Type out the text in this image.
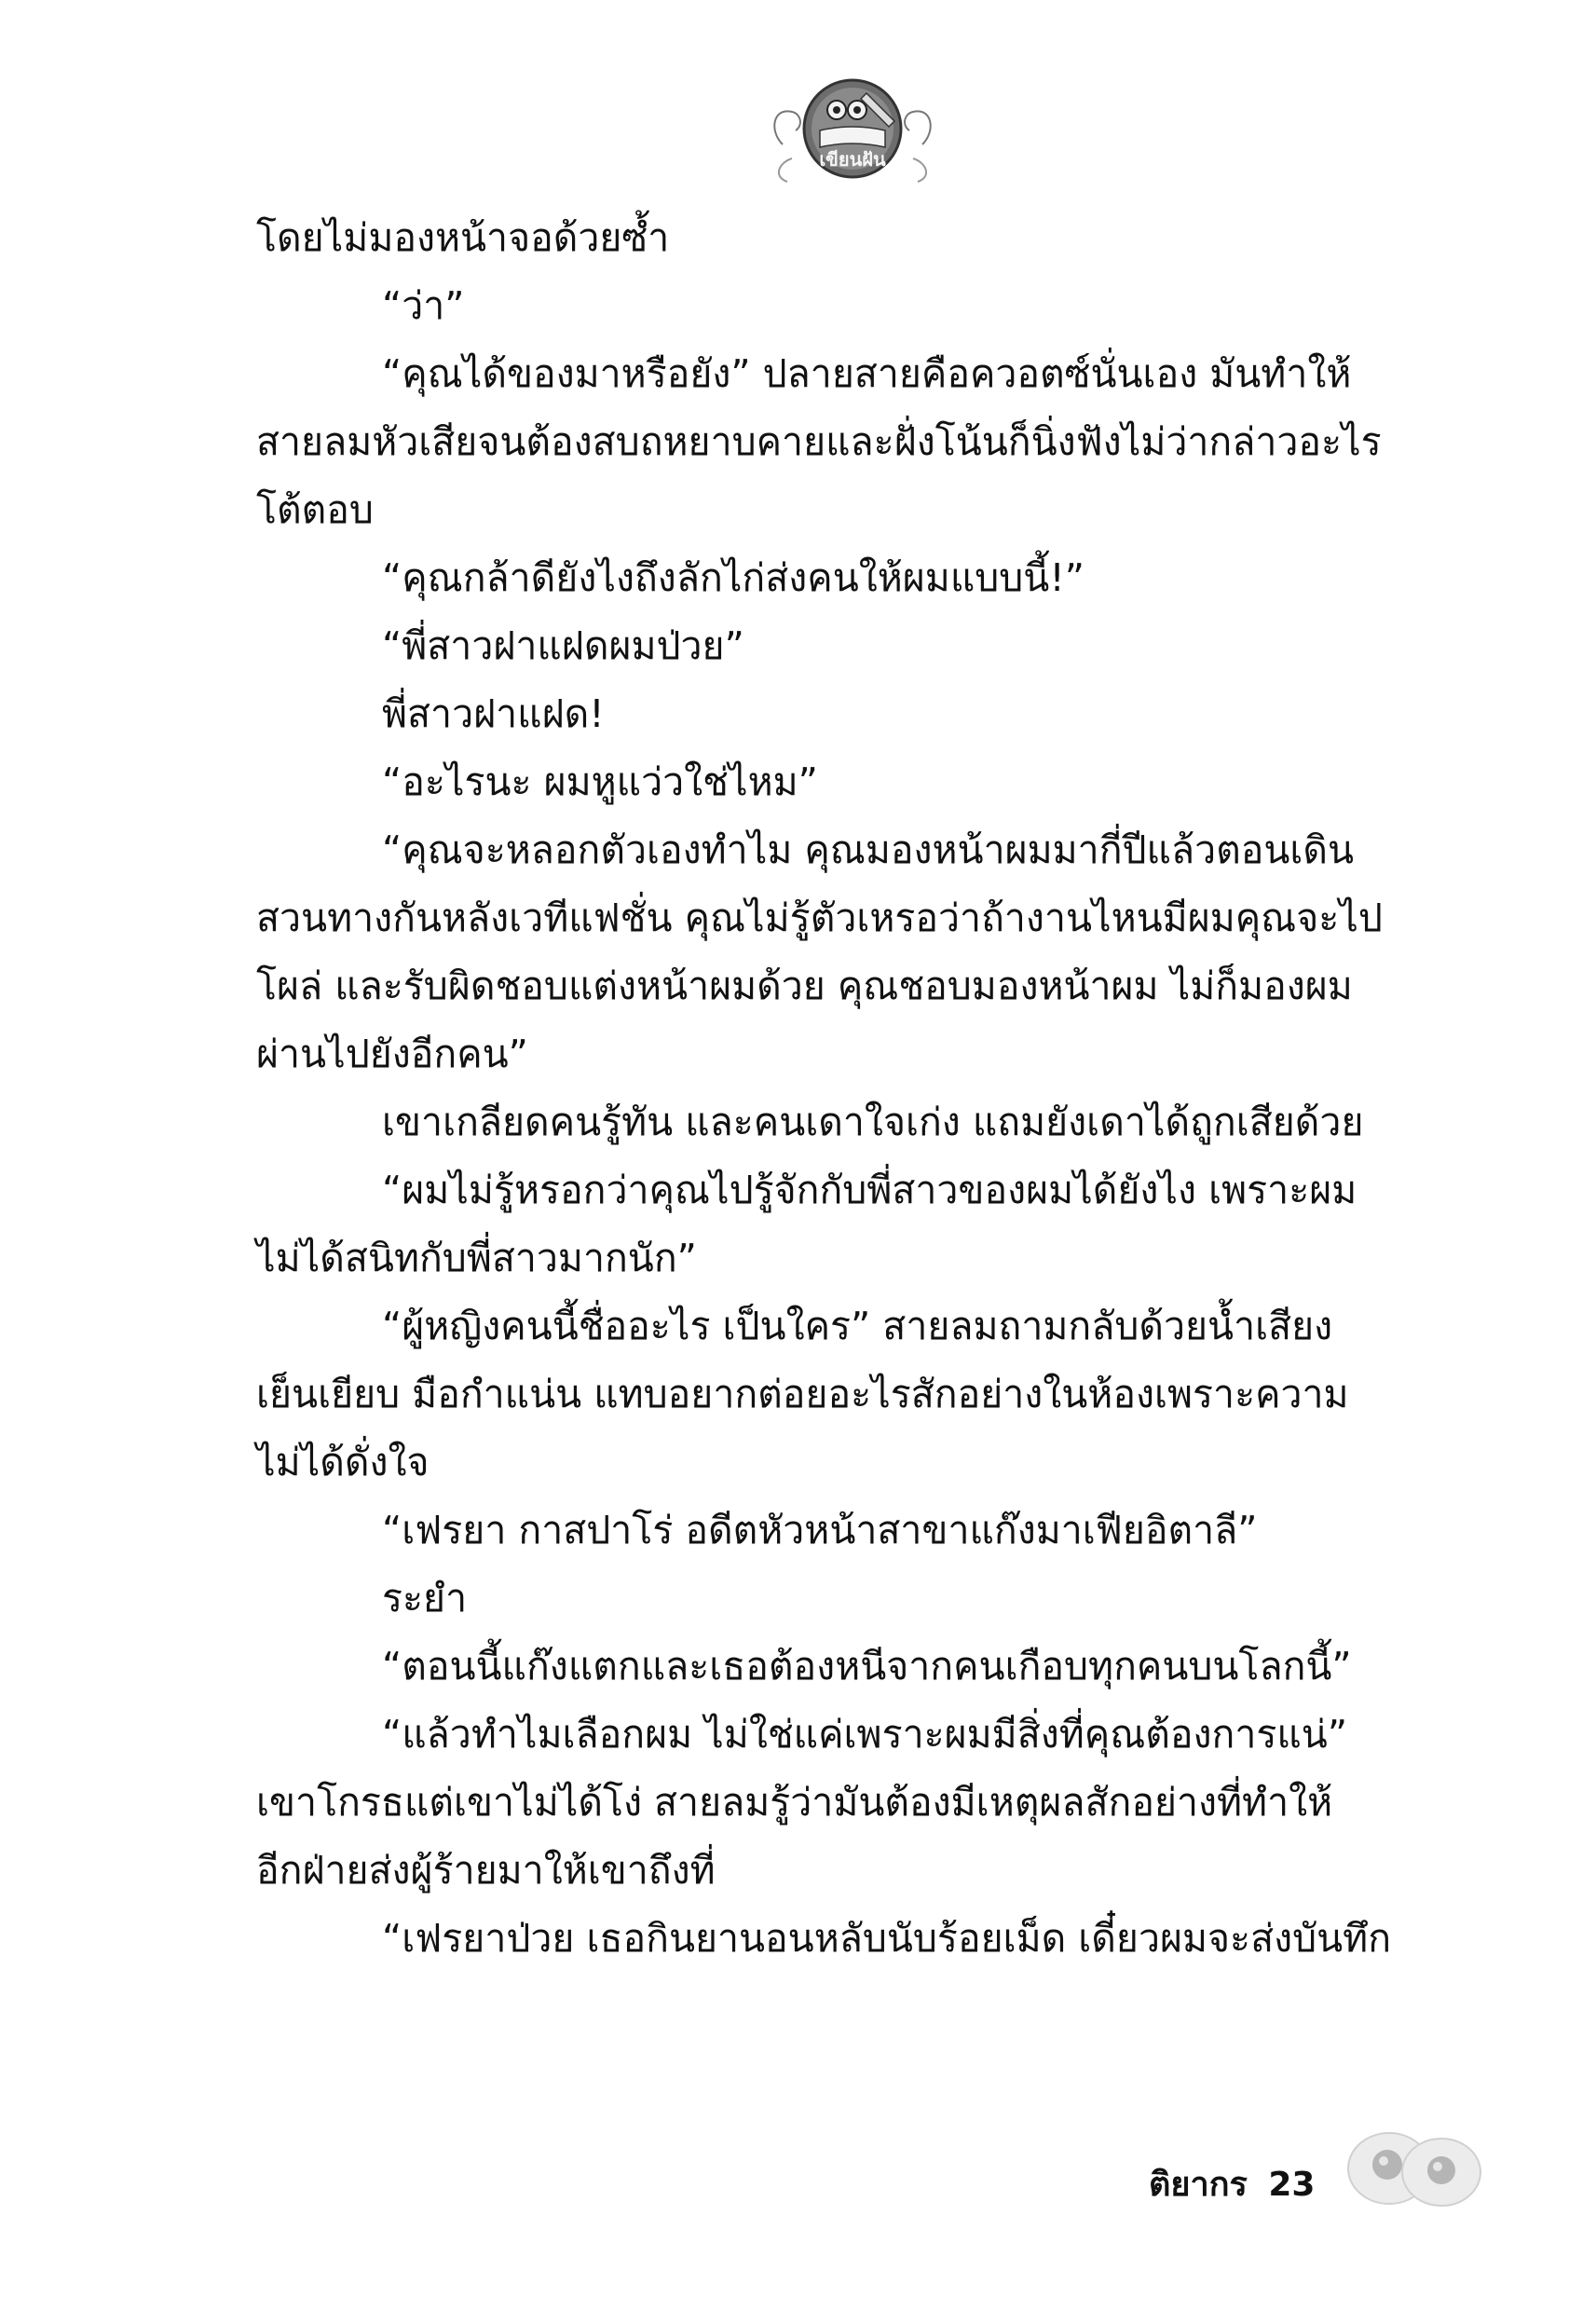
เขียนฝัน
โดยไม่มองหน้าจอด้วยซ้ำ
“ว่า”
“คุณได้ของมาหรือยัง” ปลายสายคือควอตซ์นั่นเอง มันทำให้
สายลมหัวเสียจนต้องสบถหยาบคายและฝั่งโน้นก็นิ่งฟังไม่ว่ากล่าวอะไร
โต้ตอบ
“คุณกล้าดียังไงถึงลักไก่ส่งคนให้ผมแบบนี้!”
“พี่สาวฝาแฝดผมป่วย”
พี่สาวฝาแฝด!
“อะไรนะ ผมหูแว่วใช่ไหม”
“คุณจะหลอกตัวเองทำไม คุณมองหน้าผมมากี่ปีแล้วตอนเดิน
สวนทางกันหลังเวทีแฟชั่น คุณไม่รู้ตัวเหรอว่าถ้างานไหนมีผมคุณจะไป
โผล่ และรับผิดชอบแต่งหน้าผมด้วย คุณชอบมองหน้าผม ไม่ก็มองผม
ผ่านไปยังอีกคน”
เขาเกลียดคนรู้ทัน และคนเดาใจเก่ง แถมยังเดาได้ถูกเสียด้วย
“ผมไม่รู้หรอกว่าคุณไปรู้จักกับพี่สาวของผมได้ยังไง เพราะผม
ไม่ได้สนิทกับพี่สาวมากนัก”
“ผู้หญิงคนนี้ชื่ออะไร เป็นใคร” สายลมถามกลับด้วยน้ำเสียง
เย็นเยียบ มือกำแน่น แทบอยากต่อยอะไรสักอย่างในห้องเพราะความ
ไม่ได้ดั่งใจ
“เฟรยา กาสปาโร่ อดีตหัวหน้าสาขาแก๊งมาเฟียอิตาลี”
ระยำ
“ตอนนี้แก๊งแตกและเธอต้องหนีจากคนเกือบทุกคนบนโลกนี้”
“แล้วทำไมเลือกผม ไม่ใช่แค่เพราะผมมีสิ่งที่คุณต้องการแน่”
เขาโกรธแต่เขาไม่ได้โง่ สายลมรู้ว่ามันต้องมีเหตุผลสักอย่างที่ทำให้
อีกฝ่ายส่งผู้ร้ายมาให้เขาถึงที่
“เฟรยาป่วย เธอกินยานอนหลับนับร้อยเม็ด เดี๋ยวผมจะส่งบันทึก
ติยากร 23
